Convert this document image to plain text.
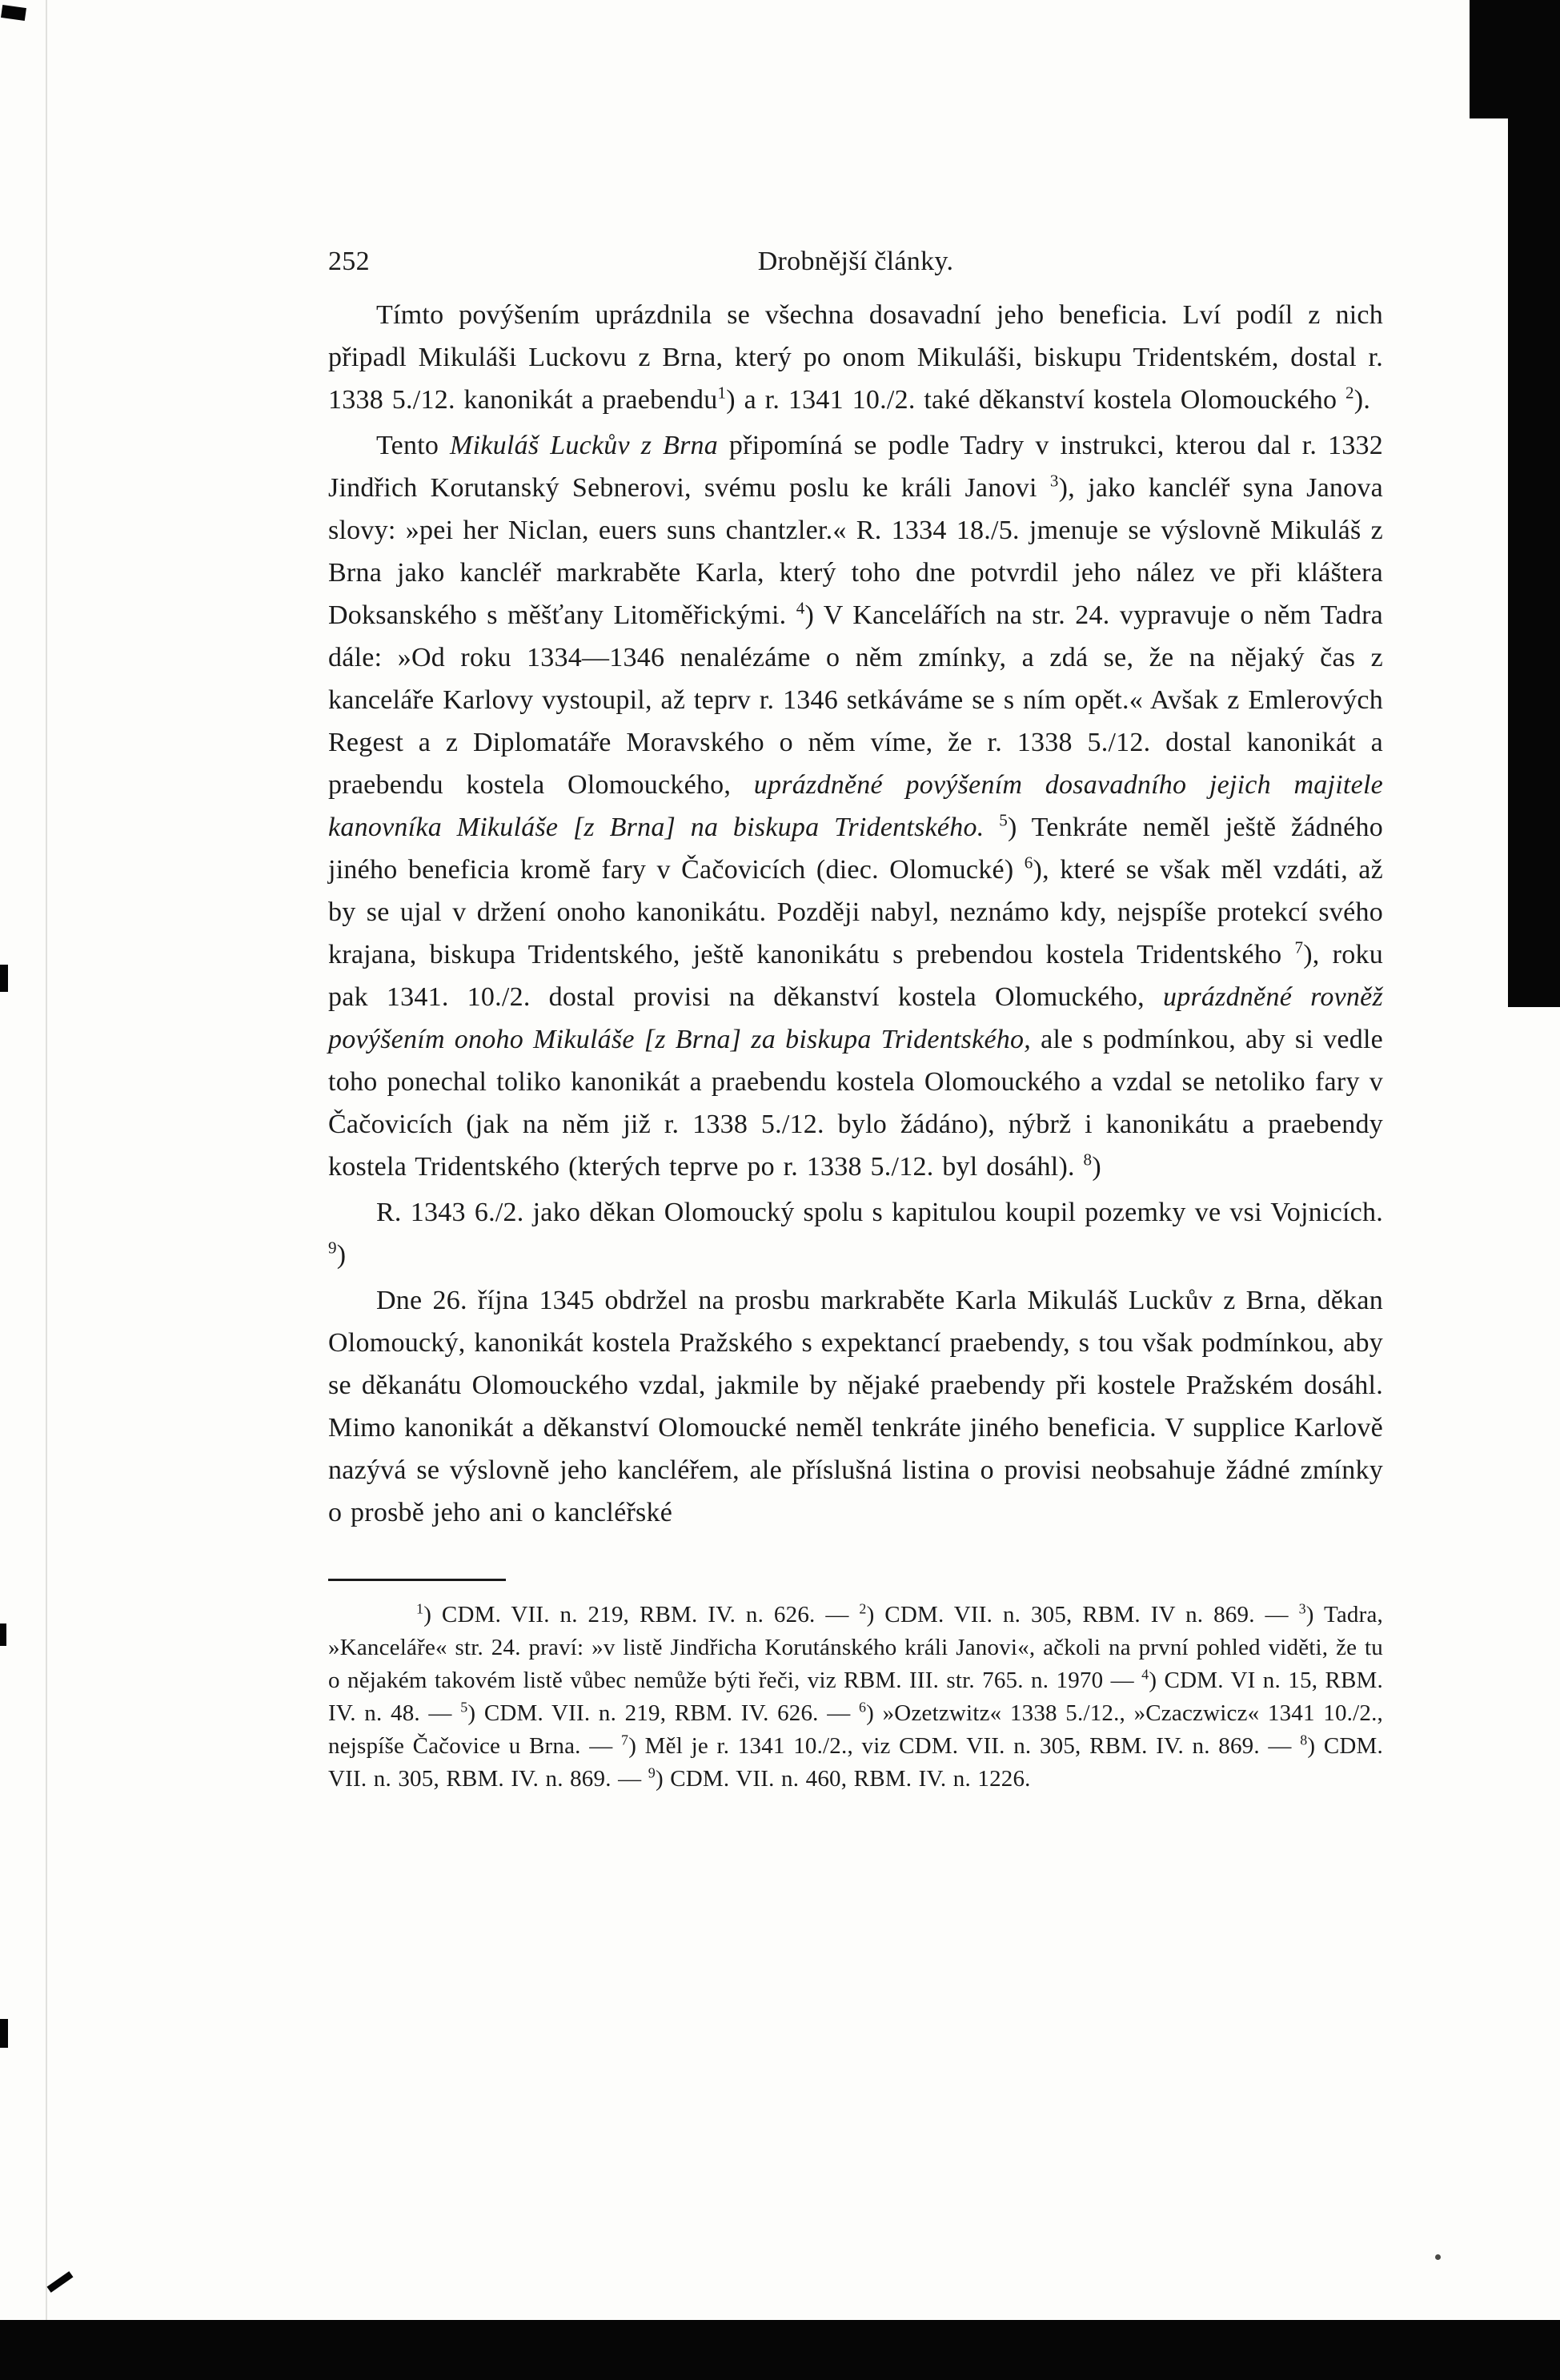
252	Drobnější články.

Tímto povýšením uprázdnila se všechna dosavadní jeho beneficia. Lví podíl z nich připadl Mikuláši Luckovu z Brna, který po onom Mikuláši, biskupu Tridentském, dostal r. 1338 5./12. kanonikát a praebendu$^1$) a r. 1341 10./2. také děkanství kostela Olomouckého $^2$).

Tento Mikuláš Luckův z Brna připomíná se podle Tadry v instrukci, kterou dal r. 1332 Jindřich Korutanský Sebnerovi, svému poslu ke králi Janovi $^3$), jako kancléř syna Janova slovy: »pei her Niclan, euers suns chantzler.« R. 1334 18./5. jmenuje se výslovně Mikuláš z Brna jako kancléř markraběte Karla, který toho dne potvrdil jeho nález ve při kláštera Doksanského s měšťany Litoměřickými. $^4$) V Kancelářích na str. 24. vypravuje o něm Tadra dále: »Od roku 1334—1346 nenalézáme o něm zmínky, a zdá se, že na nějaký čas z kanceláře Karlovy vystoupil, až teprv r. 1346 setkáváme se s ním opět.« Avšak z Emlerových Regest a z Diplomatáře Moravského o něm víme, že r. 1338 5./12. dostal kanonikát a praebendu kostela Olomouckého, uprázdněné povýšením dosavadního jejich majitele kanovníka Mikuláše [z Brna] na biskupa Tridentského. $^5$) Tenkráte neměl ještě žádného jiného beneficia kromě fary v Čačovicích (diec. Olomucké) $^6$), které se však měl vzdáti, až by se ujal v držení onoho kanonikátu. Později nabyl, neznámo kdy, nejspíše protekcí svého krajana, biskupa Tridentského, ještě kanonikátu s prebendou kostela Tridentského $^7$), roku pak 1341. 10./2. dostal provisi na děkanství kostela Olomuckého, uprázdněné rovněž povýšením onoho Mikuláše [z Brna] za biskupa Tridentského, ale s podmínkou, aby si vedle toho ponechal toliko kanonikát a praebendu kostela Olomouckého a vzdal se netoliko fary v Čačovicích (jak na něm již r. 1338 5./12. bylo žádáno), nýbrž i kanonikátu a praebendy kostela Tridentského (kterých teprve po r. 1338 5./12. byl dosáhl). $^8$)

R. 1343 6./2. jako děkan Olomoucký spolu s kapitulou koupil pozemky ve vsi Vojnicích. $^9$)

Dne 26. října 1345 obdržel na prosbu markraběte Karla Mikuláš Luckův z Brna, děkan Olomoucký, kanonikát kostela Pražského s expektancí praebendy, s tou však podmínkou, aby se děkanátu Olomouckého vzdal, jakmile by nějaké praebendy při kostele Pražském dosáhl. Mimo kanonikát a děkanství Olomoucké neměl tenkráte jiného beneficia. V supplice Karlově nazývá se výslovně jeho kancléřem, ale příslušná listina o provisi neobsahuje žádné zmínky o prosbě jeho ani o kancléřské

$^1$) CDM. VII. n. 219, RBM. IV. n. 626. — $^2$) CDM. VII. n. 305, RBM. IV n. 869. — $^3$) Tadra, »Kanceláře« str. 24. praví: »v listě Jindřicha Korutánského králi Janovi«, ačkoli na první pohled viděti, že tu o nějakém takovém listě vůbec nemůže býti řeči, viz RBM. III. str. 765. n. 1970 — $^4$) CDM. VI n. 15, RBM. IV. n. 48. — $^5$) CDM. VII. n. 219, RBM. IV. 626. — $^6$) »Ozetzwitz« 1338 5./12., »Czaczwicz« 1341 10./2., nejspíše Čačovice u Brna. — $^7$) Měl je r. 1341 10./2., viz CDM. VII. n. 305, RBM. IV. n. 869. — $^8$) CDM. VII. n. 305, RBM. IV. n. 869. — $^9$) CDM. VII. n. 460, RBM. IV. n. 1226.
